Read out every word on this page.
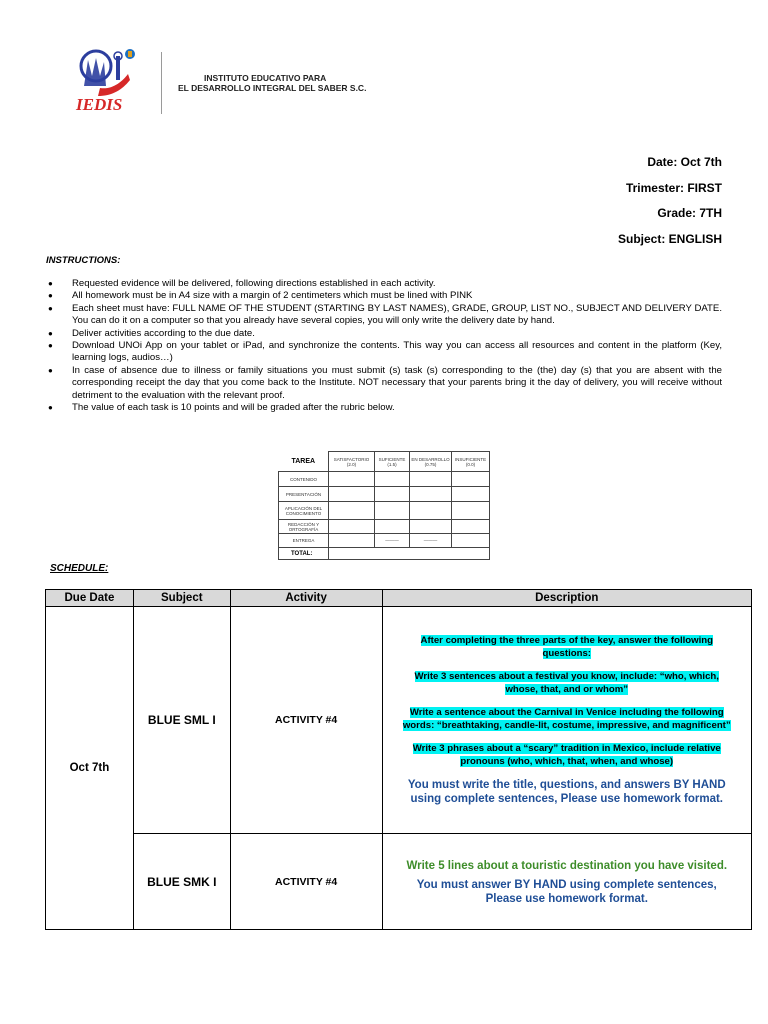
IEDIS
INSTITUTO EDUCATIVO PARA
EL DESARROLLO INTEGRAL DEL SABER S.C.
Date: Oct 7th
Trimester: FIRST
Grade: 7TH
Subject: ENGLISH
INSTRUCTIONS:
● Requested evidence will be delivered, following directions established in each activity.
● All homework must be in A4 size with a margin of 2 centimeters which must be lined with PINK
● Each sheet must have: FULL NAME OF THE STUDENT (STARTING BY LAST NAMES), GRADE, GROUP, LIST NO., SUBJECT AND DELIVERY DATE. You can do it on a computer so that you already have several copies, you will only write the delivery date by hand.
● Deliver activities according to the due date.
● Download UNOi App on your tablet or iPad, and synchronize the contents. This way you can access all resources and content in the platform (Key, learning logs, audios…)
● In case of absence due to illness or family situations you must submit (s) task (s) corresponding to the (the) day (s) that you are absent with the corresponding receipt the day that you come back to the Institute. NOT necessary that your parents bring it the day of delivery, you will receive without detriment to the evaluation with the relevant proof.
● The value of each task is 10 points and will be graded after the rubric below.
TAREA	SATISFACTORIO (2.0)	SUFICIENTE (1.5)	EN DESARROLLO (0.75)	INSUFICIENTE (0.0)
CONTENIDO				
PRESENTACIÓN				
APLICACIÓN DEL CONOCIMIENTO				
REDACCIÓN Y ORTOGRAFÍA				
ENTREGA		———	———	
TOTAL:				
SCHEDULE:
Due Date	Subject	Activity	Description
Oct 7th	BLUE SML I	ACTIVITY #4	After completing the three parts of the key, answer the following questions:

Write 3 sentences about a festival you know, include: “who, which, whose, that, and or whom”

Write a sentence about the Carnival in Venice including the following words: “breathtaking, candle-lit, costume, impressive, and magnificent”

Write 3 phrases about a “scary” tradition in Mexico, include relative pronouns (who, which, that, when, and whose)

You must write the title, questions, and answers BY HAND using complete sentences, Please use homework format.

	BLUE SMK I	ACTIVITY #4	Write 5 lines about a touristic destination you have visited.

You must answer BY HAND using complete sentences, Please use homework format.
